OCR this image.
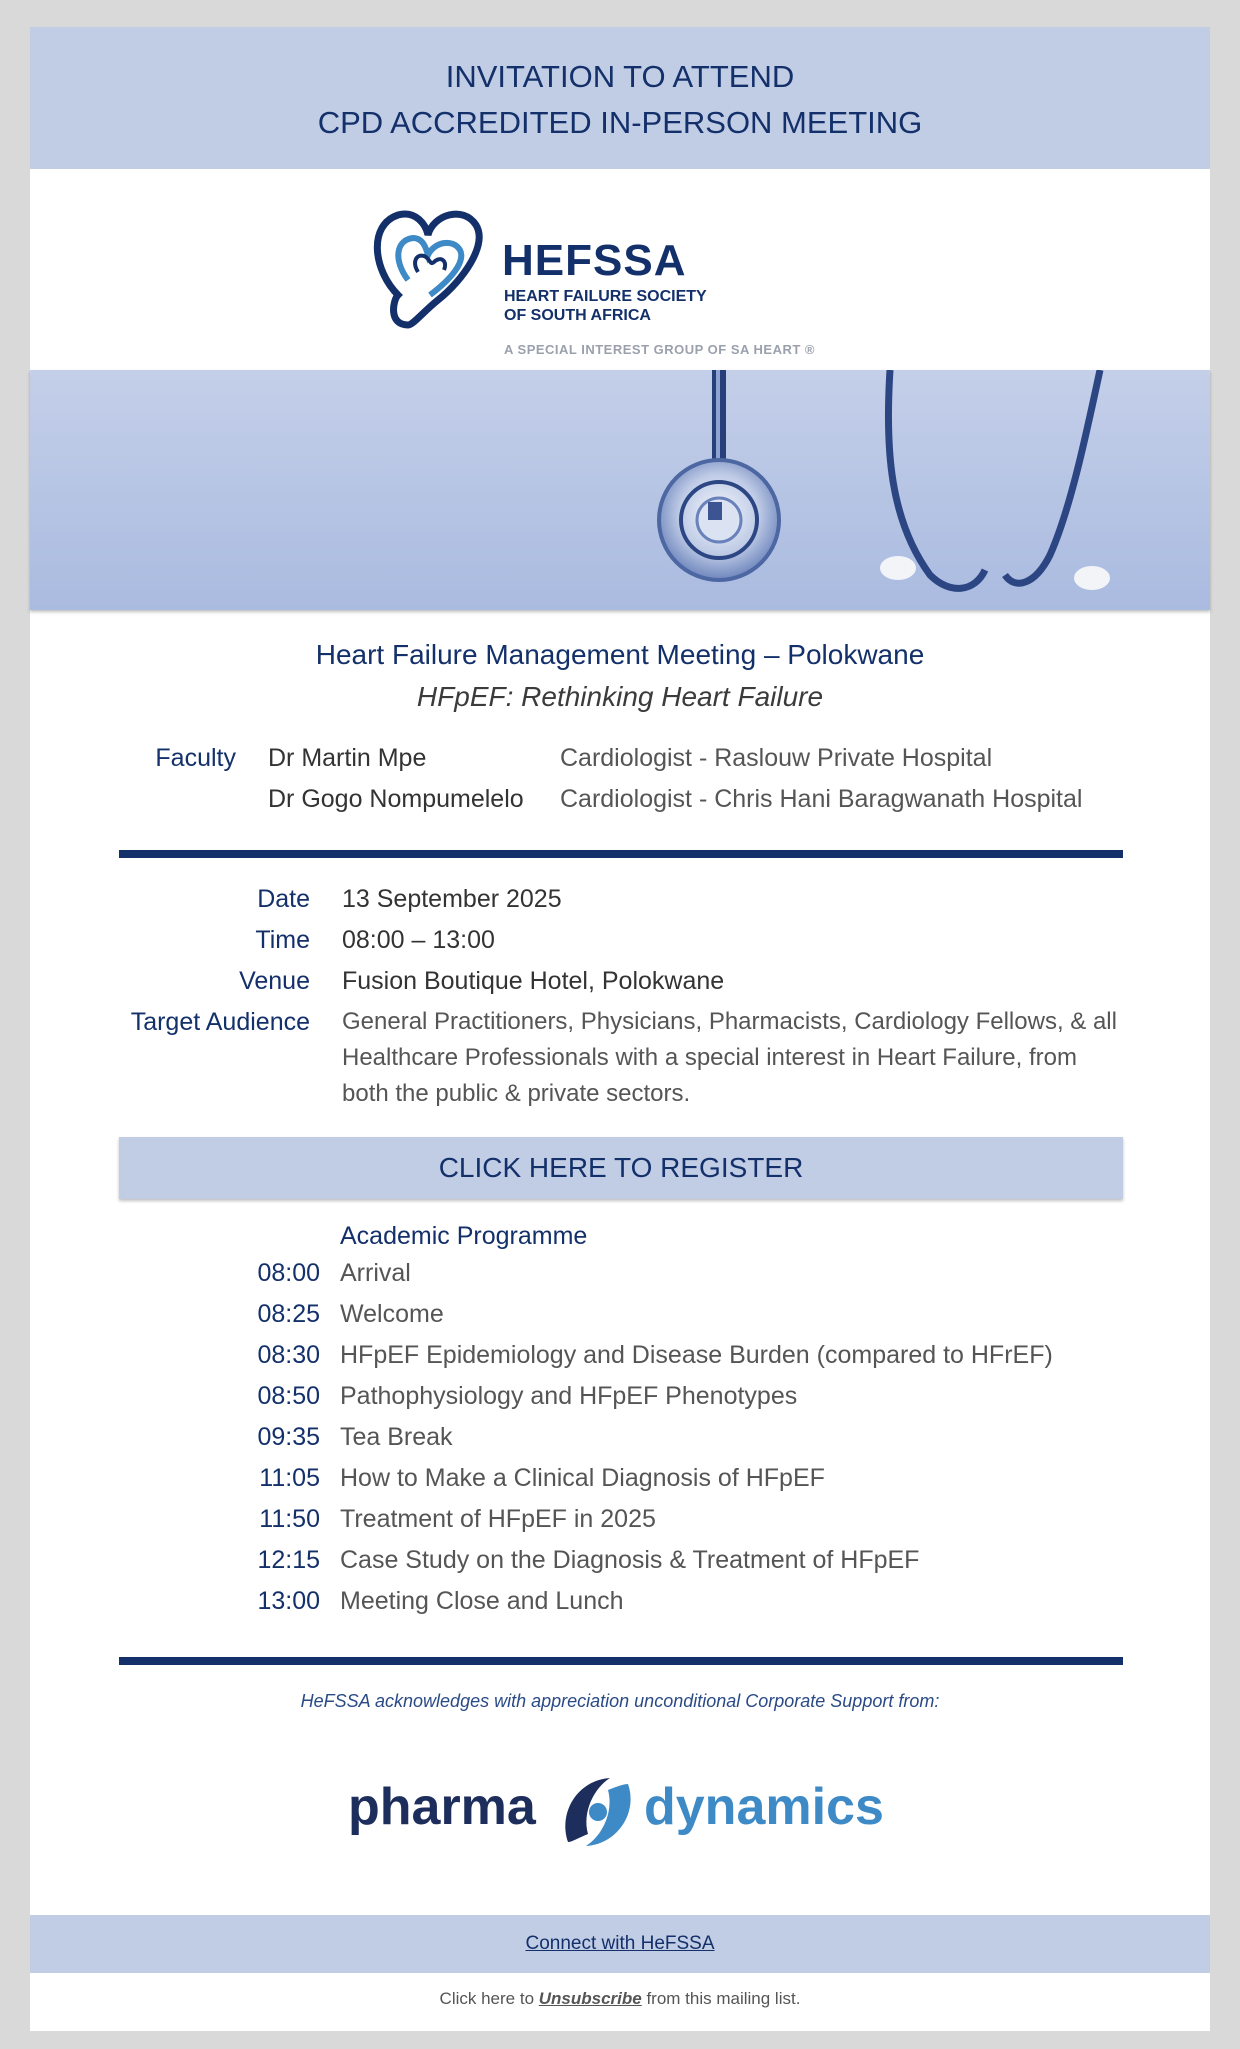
INVITATION TO ATTEND
CPD ACCREDITED IN-PERSON MEETING
HEFSSA
HEART FAILURE SOCIETY
OF SOUTH AFRICA
A SPECIAL INTEREST GROUP OF SA HEART ®
Heart Failure Management Meeting – Polokwane
HFpEF: Rethinking Heart Failure
Faculty Dr Martin Mpe	Cardiologist - Raslouw Private Hospital
Dr Gogo Nompumelelo Cardiologist - Chris Hani Baragwanath Hospital
Date 13 September 2025
Time 08:00 – 13:00
Venue Fusion Boutique Hotel, Polokwane
Target Audience General Practitioners, Physicians, Pharmacists, Cardiology Fellows, & all
Healthcare Professionals with a special interest in Heart Failure, from
both the public & private sectors.
CLICK HERE TO REGISTER
Academic Programme
08:00 Arrival
08:25 Welcome
08:30 HFpEF Epidemiology and Disease Burden (compared to HFrEF)
08:50 Pathophysiology and HFpEF Phenotypes
09:35 Tea Break
11:05 How to Make a Clinical Diagnosis of HFpEF
11:50 Treatment of HFpEF in 2025
12:15 Case Study on the Diagnosis & Treatment of HFpEF
13:00 Meeting Close and Lunch
HeFSSA acknowledges with appreciation unconditional Corporate Support from:
pharma dynamics
Connect with HeFSSA
Click here to Unsubscribe from this mailing list.
